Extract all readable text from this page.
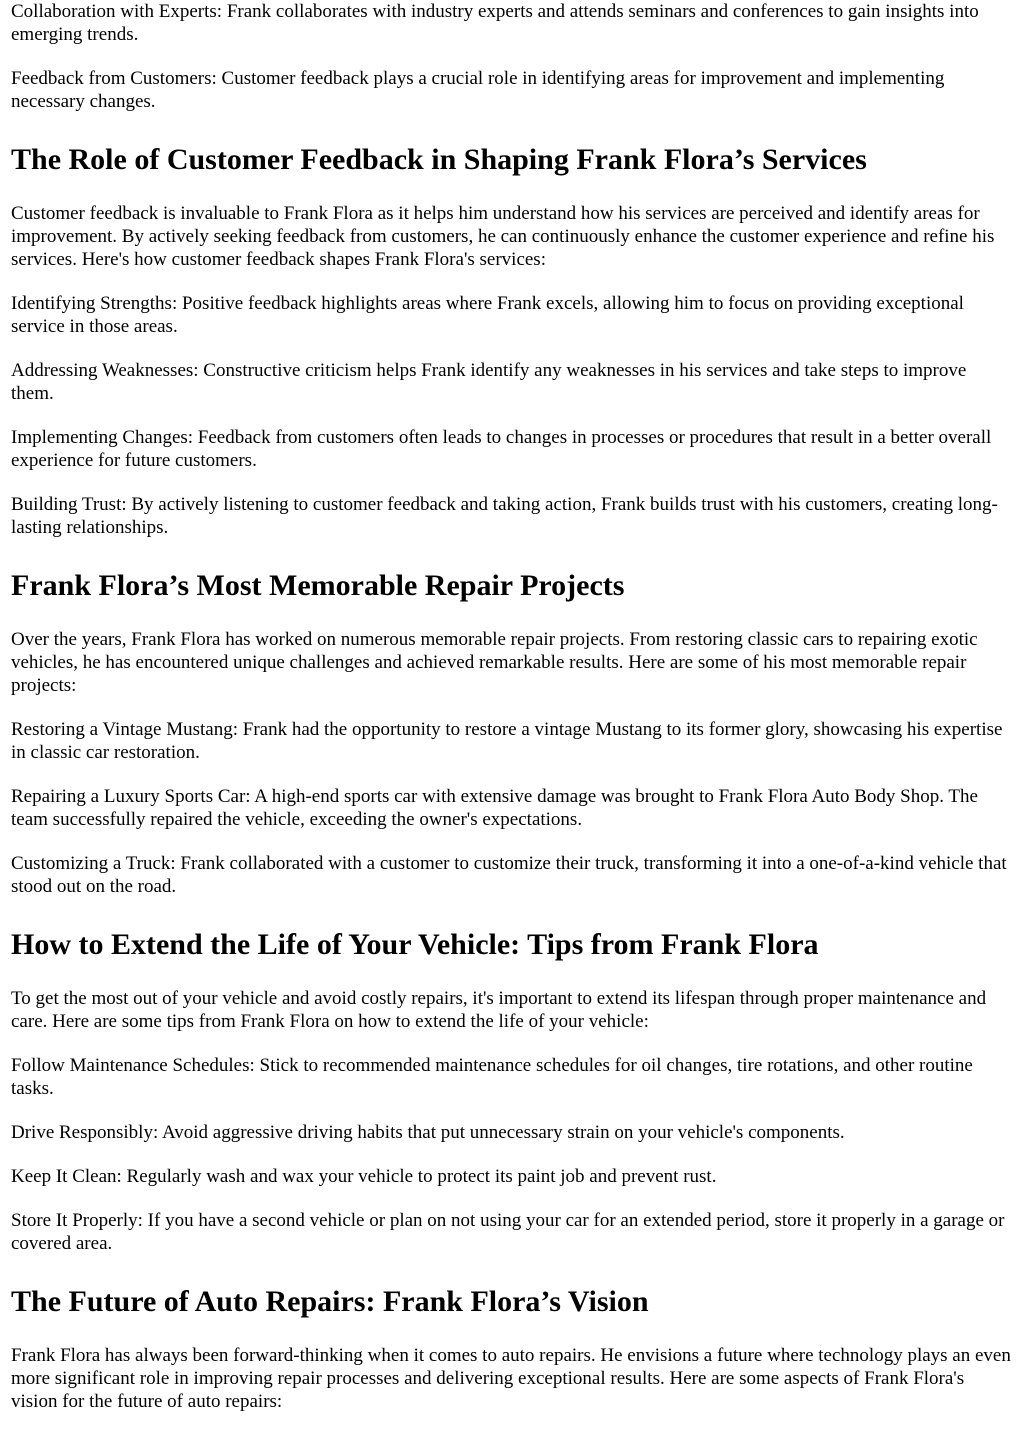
Collaboration with Experts: Frank collaborates with industry experts and attends seminars and conferences to gain insights into emerging trends.

Feedback from Customers: Customer feedback plays a crucial role in identifying areas for improvement and implementing necessary changes.

The Role of Customer Feedback in Shaping Frank Flora’s Services

Customer feedback is invaluable to Frank Flora as it helps him understand how his services are perceived and identify areas for improvement. By actively seeking feedback from customers, he can continuously enhance the customer experience and refine his services. Here's how customer feedback shapes Frank Flora's services:

Identifying Strengths: Positive feedback highlights areas where Frank excels, allowing him to focus on providing exceptional service in those areas.

Addressing Weaknesses: Constructive criticism helps Frank identify any weaknesses in his services and take steps to improve them.

Implementing Changes: Feedback from customers often leads to changes in processes or procedures that result in a better overall experience for future customers.

Building Trust: By actively listening to customer feedback and taking action, Frank builds trust with his customers, creating long-lasting relationships.

Frank Flora’s Most Memorable Repair Projects

Over the years, Frank Flora has worked on numerous memorable repair projects. From restoring classic cars to repairing exotic vehicles, he has encountered unique challenges and achieved remarkable results. Here are some of his most memorable repair projects:

Restoring a Vintage Mustang: Frank had the opportunity to restore a vintage Mustang to its former glory, showcasing his expertise in classic car restoration.

Repairing a Luxury Sports Car: A high-end sports car with extensive damage was brought to Frank Flora Auto Body Shop. The team successfully repaired the vehicle, exceeding the owner's expectations.

Customizing a Truck: Frank collaborated with a customer to customize their truck, transforming it into a one-of-a-kind vehicle that stood out on the road.

How to Extend the Life of Your Vehicle: Tips from Frank Flora

To get the most out of your vehicle and avoid costly repairs, it's important to extend its lifespan through proper maintenance and care. Here are some tips from Frank Flora on how to extend the life of your vehicle:

Follow Maintenance Schedules: Stick to recommended maintenance schedules for oil changes, tire rotations, and other routine tasks.

Drive Responsibly: Avoid aggressive driving habits that put unnecessary strain on your vehicle's components.

Keep It Clean: Regularly wash and wax your vehicle to protect its paint job and prevent rust.

Store It Properly: If you have a second vehicle or plan on not using your car for an extended period, store it properly in a garage or covered area.

The Future of Auto Repairs: Frank Flora’s Vision

Frank Flora has always been forward-thinking when it comes to auto repairs. He envisions a future where technology plays an even more significant role in improving repair processes and delivering exceptional results. Here are some aspects of Frank Flora's vision for the future of auto repairs:
